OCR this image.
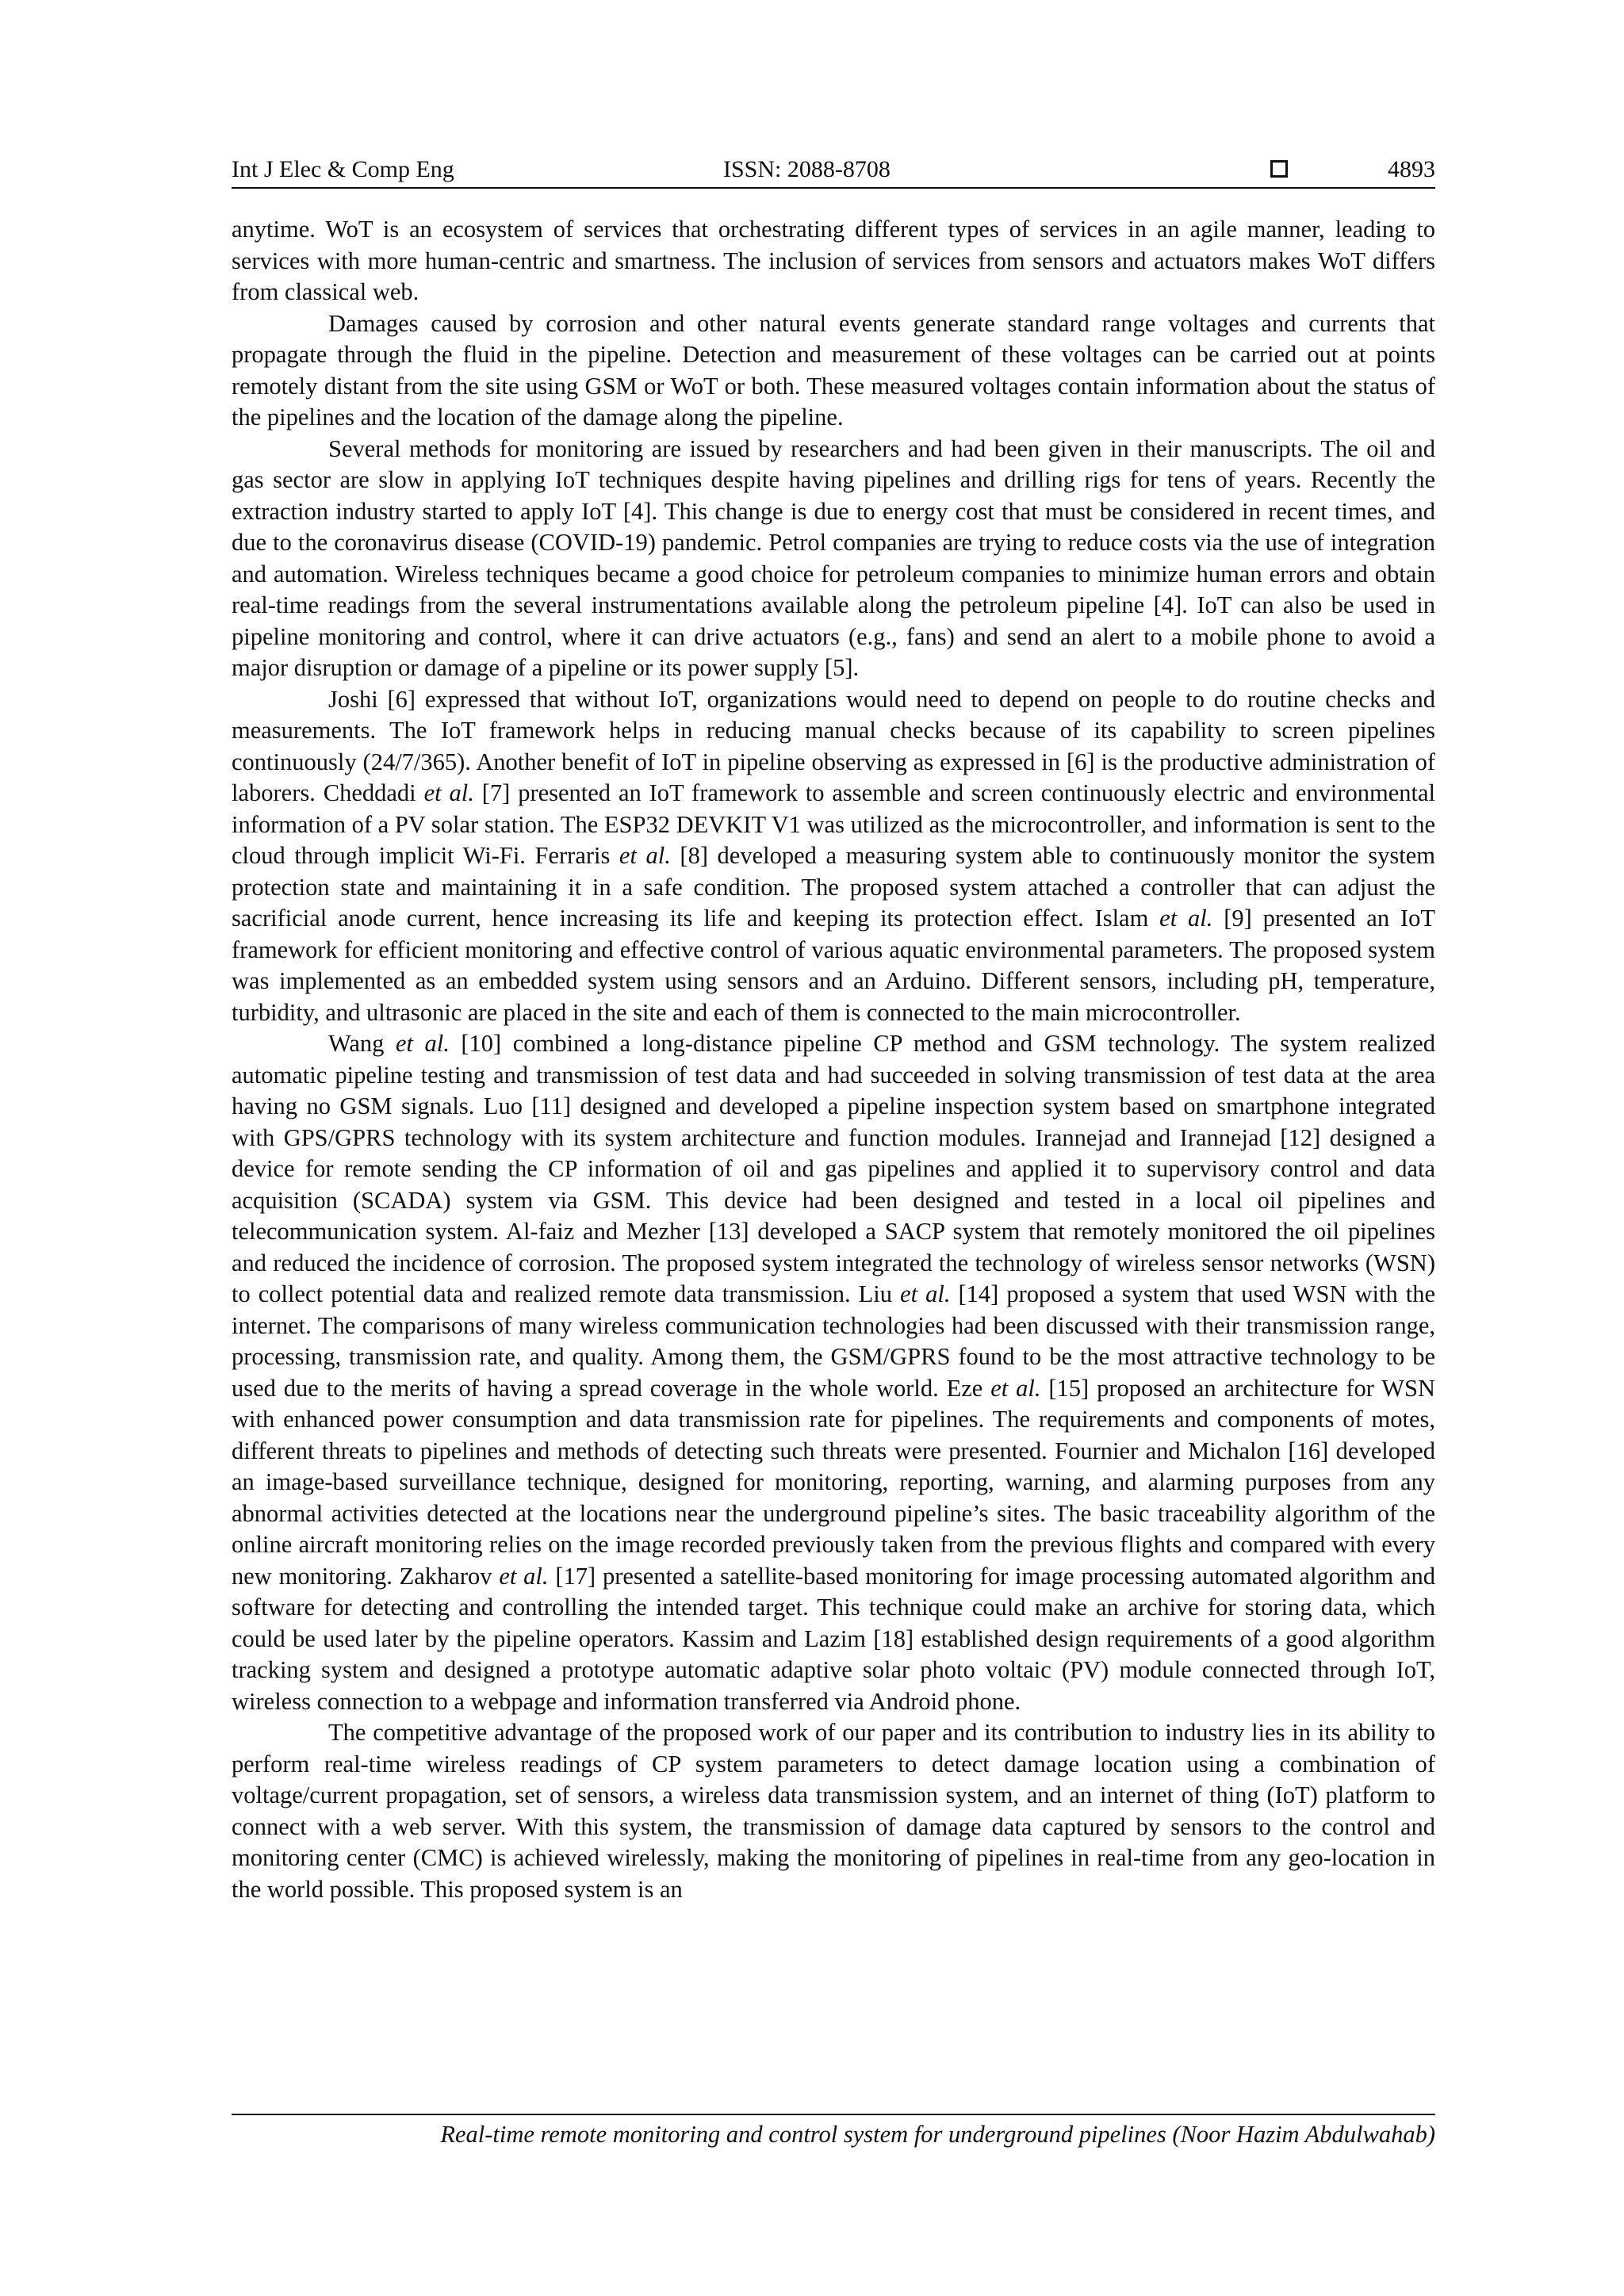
Int J Elec & Comp Eng	ISSN: 2088-8708	4893

anytime. WoT is an ecosystem of services that orchestrating different types of services in an agile manner, leading to services with more human-centric and smartness. The inclusion of services from sensors and actuators makes WoT differs from classical web.

Damages caused by corrosion and other natural events generate standard range voltages and currents that propagate through the fluid in the pipeline. Detection and measurement of these voltages can be carried out at points remotely distant from the site using GSM or WoT or both. These measured voltages contain information about the status of the pipelines and the location of the damage along the pipeline.

Several methods for monitoring are issued by researchers and had been given in their manuscripts. The oil and gas sector are slow in applying IoT techniques despite having pipelines and drilling rigs for tens of years. Recently the extraction industry started to apply IoT [4]. This change is due to energy cost that must be considered in recent times, and due to the coronavirus disease (COVID-19) pandemic. Petrol companies are trying to reduce costs via the use of integration and automation. Wireless techniques became a good choice for petroleum companies to minimize human errors and obtain real-time readings from the several instrumentations available along the petroleum pipeline [4]. IoT can also be used in pipeline monitoring and control, where it can drive actuators (e.g., fans) and send an alert to a mobile phone to avoid a major disruption or damage of a pipeline or its power supply [5].

Joshi [6] expressed that without IoT, organizations would need to depend on people to do routine checks and measurements. The IoT framework helps in reducing manual checks because of its capability to screen pipelines continuously (24/7/365). Another benefit of IoT in pipeline observing as expressed in [6] is the productive administration of laborers. Cheddadi et al. [7] presented an IoT framework to assemble and screen continuously electric and environmental information of a PV solar station. The ESP32 DEVKIT V1 was utilized as the microcontroller, and information is sent to the cloud through implicit Wi-Fi. Ferraris et al. [8] developed a measuring system able to continuously monitor the system protection state and maintaining it in a safe condition. The proposed system attached a controller that can adjust the sacrificial anode current, hence increasing its life and keeping its protection effect. Islam et al. [9] presented an IoT framework for efficient monitoring and effective control of various aquatic environmental parameters. The proposed system was implemented as an embedded system using sensors and an Arduino. Different sensors, including pH, temperature, turbidity, and ultrasonic are placed in the site and each of them is connected to the main microcontroller.

Wang et al. [10] combined a long-distance pipeline CP method and GSM technology. The system realized automatic pipeline testing and transmission of test data and had succeeded in solving transmission of test data at the area having no GSM signals. Luo [11] designed and developed a pipeline inspection system based on smartphone integrated with GPS/GPRS technology with its system architecture and function modules. Irannejad and Irannejad [12] designed a device for remote sending the CP information of oil and gas pipelines and applied it to supervisory control and data acquisition (SCADA) system via GSM. This device had been designed and tested in a local oil pipelines and telecommunication system. Al-faiz and Mezher [13] developed a SACP system that remotely monitored the oil pipelines and reduced the incidence of corrosion. The proposed system integrated the technology of wireless sensor networks (WSN) to collect potential data and realized remote data transmission. Liu et al. [14] proposed a system that used WSN with the internet. The comparisons of many wireless communication technologies had been discussed with their transmission range, processing, transmission rate, and quality. Among them, the GSM/GPRS found to be the most attractive technology to be used due to the merits of having a spread coverage in the whole world. Eze et al. [15] proposed an architecture for WSN with enhanced power consumption and data transmission rate for pipelines. The requirements and components of motes, different threats to pipelines and methods of detecting such threats were presented. Fournier and Michalon [16] developed an image-based surveillance technique, designed for monitoring, reporting, warning, and alarming purposes from any abnormal activities detected at the locations near the underground pipeline’s sites. The basic traceability algorithm of the online aircraft monitoring relies on the image recorded previously taken from the previous flights and compared with every new monitoring. Zakharov et al. [17] presented a satellite-based monitoring for image processing automated algorithm and software for detecting and controlling the intended target. This technique could make an archive for storing data, which could be used later by the pipeline operators. Kassim and Lazim [18] established design requirements of a good algorithm tracking system and designed a prototype automatic adaptive solar photo voltaic (PV) module connected through IoT, wireless connection to a webpage and information transferred via Android phone.

The competitive advantage of the proposed work of our paper and its contribution to industry lies in its ability to perform real-time wireless readings of CP system parameters to detect damage location using a combination of voltage/current propagation, set of sensors, a wireless data transmission system, and an internet of thing (IoT) platform to connect with a web server. With this system, the transmission of damage data captured by sensors to the control and monitoring center (CMC) is achieved wirelessly, making the monitoring of pipelines in real-time from any geo-location in the world possible. This proposed system is an

Real-time remote monitoring and control system for underground pipelines (Noor Hazim Abdulwahab)
